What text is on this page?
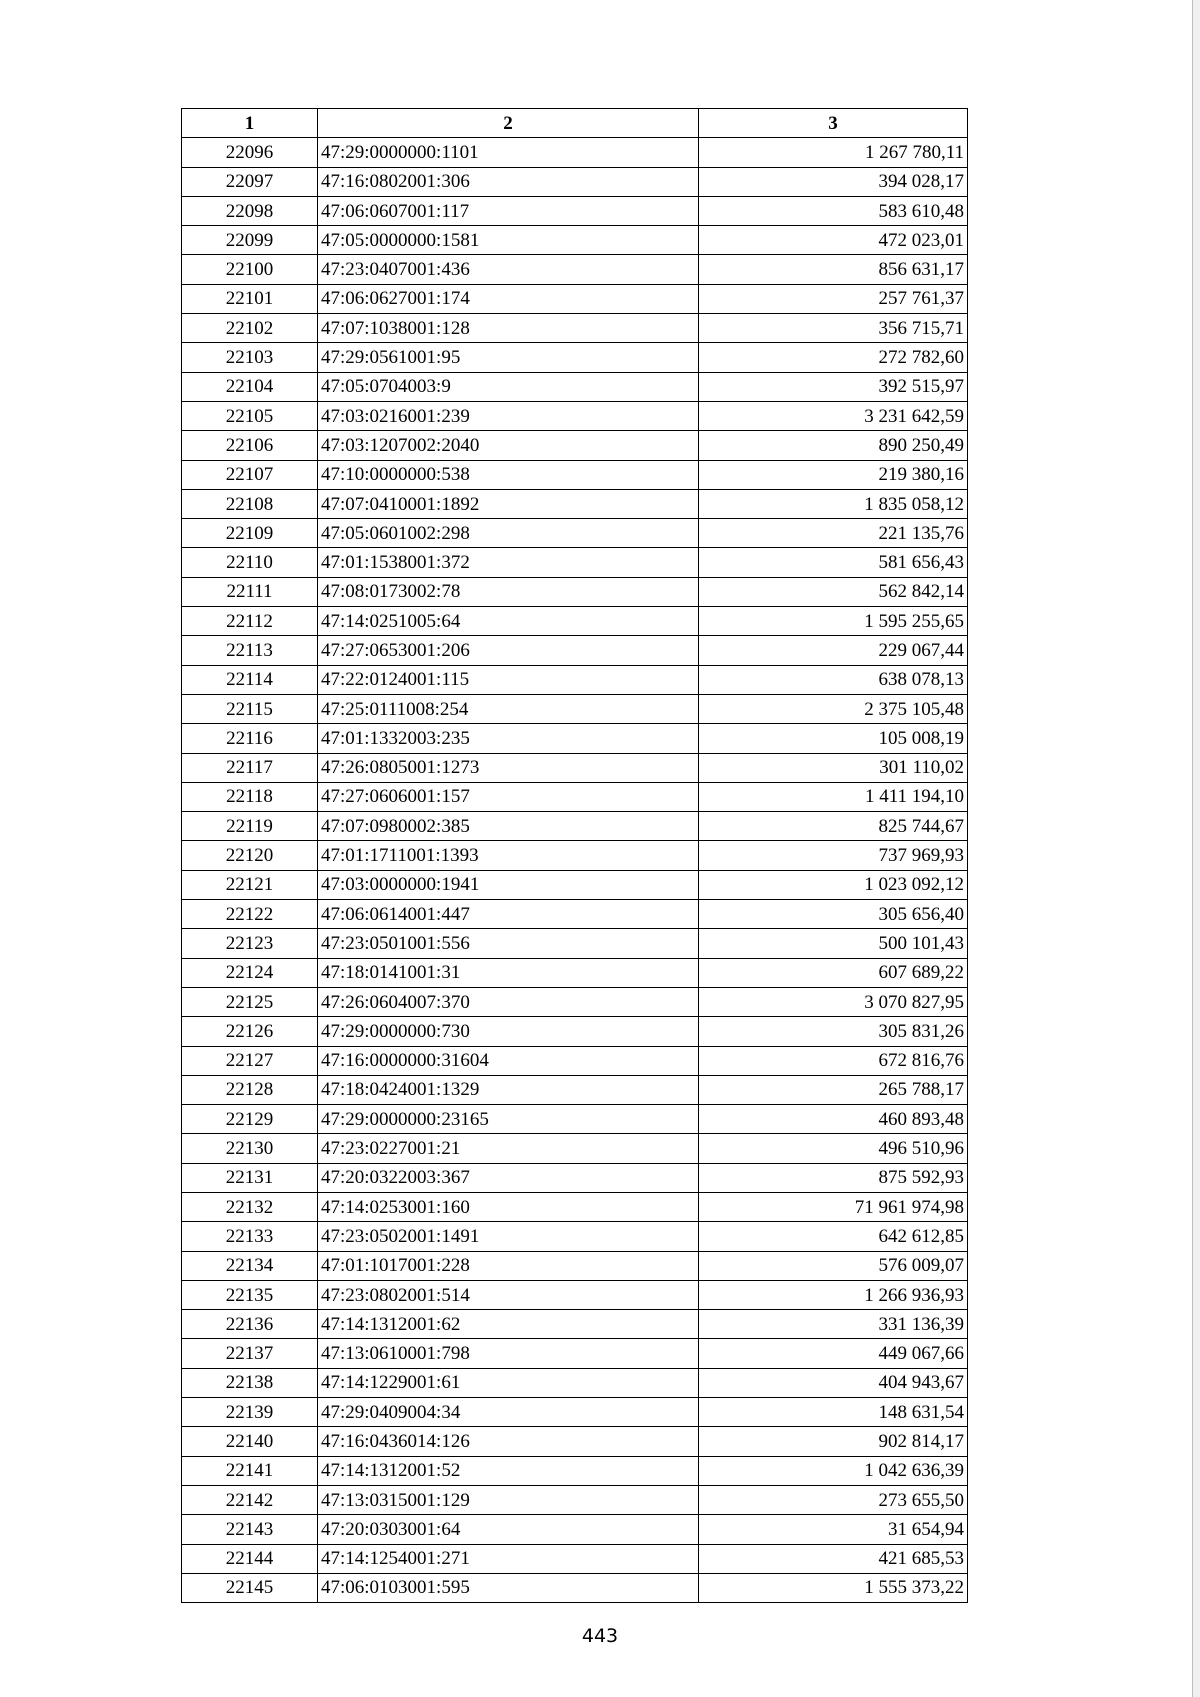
1	2	3
22096	47:29:0000000:1101	1 267 780,11
22097	47:16:0802001:306	394 028,17
22098	47:06:0607001:117	583 610,48
22099	47:05:0000000:1581	472 023,01
22100	47:23:0407001:436	856 631,17
22101	47:06:0627001:174	257 761,37
22102	47:07:1038001:128	356 715,71
22103	47:29:0561001:95	272 782,60
22104	47:05:0704003:9	392 515,97
22105	47:03:0216001:239	3 231 642,59
22106	47:03:1207002:2040	890 250,49
22107	47:10:0000000:538	219 380,16
22108	47:07:0410001:1892	1 835 058,12
22109	47:05:0601002:298	221 135,76
22110	47:01:1538001:372	581 656,43
22111	47:08:0173002:78	562 842,14
22112	47:14:0251005:64	1 595 255,65
22113	47:27:0653001:206	229 067,44
22114	47:22:0124001:115	638 078,13
22115	47:25:0111008:254	2 375 105,48
22116	47:01:1332003:235	105 008,19
22117	47:26:0805001:1273	301 110,02
22118	47:27:0606001:157	1 411 194,10
22119	47:07:0980002:385	825 744,67
22120	47:01:1711001:1393	737 969,93
22121	47:03:0000000:1941	1 023 092,12
22122	47:06:0614001:447	305 656,40
22123	47:23:0501001:556	500 101,43
22124	47:18:0141001:31	607 689,22
22125	47:26:0604007:370	3 070 827,95
22126	47:29:0000000:730	305 831,26
22127	47:16:0000000:31604	672 816,76
22128	47:18:0424001:1329	265 788,17
22129	47:29:0000000:23165	460 893,48
22130	47:23:0227001:21	496 510,96
22131	47:20:0322003:367	875 592,93
22132	47:14:0253001:160	71 961 974,98
22133	47:23:0502001:1491	642 612,85
22134	47:01:1017001:228	576 009,07
22135	47:23:0802001:514	1 266 936,93
22136	47:14:1312001:62	331 136,39
22137	47:13:0610001:798	449 067,66
22138	47:14:1229001:61	404 943,67
22139	47:29:0409004:34	148 631,54
22140	47:16:0436014:126	902 814,17
22141	47:14:1312001:52	1 042 636,39
22142	47:13:0315001:129	273 655,50
22143	47:20:0303001:64	31 654,94
22144	47:14:1254001:271	421 685,53
22145	47:06:0103001:595	1 555 373,22
443
